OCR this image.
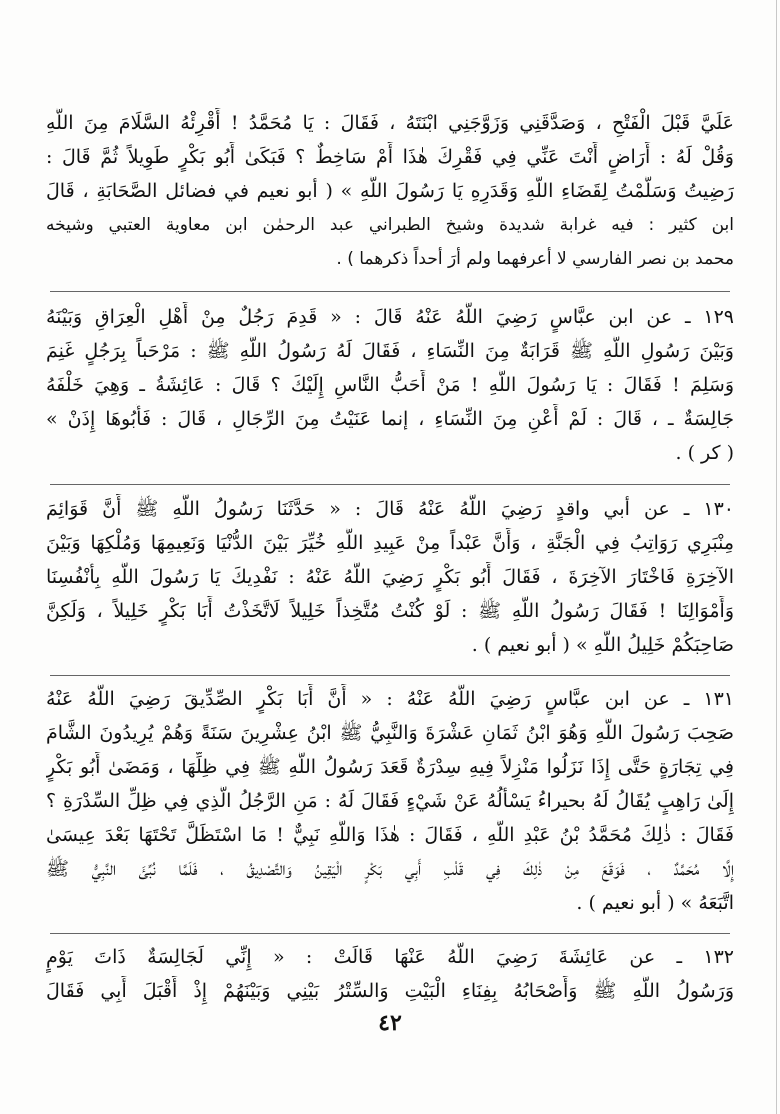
عَلَيَّ قَبْلَ الْفَتْحِ ، وَصَدَّقَنِي وَزَوَّجَنِي ابْنَتَهُ ، فَقَالَ : يَا مُحَمَّدُ ! أَقْرِئْهُ السَّلَامَ مِنَ اللَّهِ
وَقُلْ لَهُ : أَرَاضٍ أَنْتَ عَنِّي فِي فَقْرِكَ هٰذَا أَمْ سَاخِطٌ ؟ فَبَكَىٰ أَبُو بَكْرٍ طَوِيلاً ثُمَّ قَالَ :
رَضِيتُ وَسَلَّمْتُ لِقَضَاءِ اللَّهِ وَقَدَرِهِ يَا رَسُولَ اللَّهِ » ( أبو نعيم في فضائل الصَّحَابَةِ ، قَالَ
ابن كثير : فيه غرابة شديدة وشيخ الطبراني عبد الرحمٰن ابن معاوية العتبي وشيخه
محمد بن نصر الفارسي لا أعرفهما ولم أرَ أحداً ذكرهما ) .
١٢٩ ـ عن ابن عبَّاسٍ رَضِيَ اللَّهُ عَنْهُ قَالَ : « قَدِمَ رَجُلٌ مِنْ أَهْلِ الْعِرَاقِ وَبَيْنَهُ
وَبَيْنَ رَسُولِ اللَّهِ ﷺ قَرَابَةٌ مِنَ النِّسَاءِ ، فَقَالَ لَهُ رَسُولُ اللَّهِ ﷺ : مَرْحَباً بِرَجُلٍ غَنِمَ
وَسَلِمَ ! فَقَالَ : يَا رَسُولَ اللَّهِ ! مَنْ أَحَبُّ النَّاسِ إِلَيْكَ ؟ قَالَ : عَائِشَةُ ـ وَهِيَ خَلْفَهُ
جَالِسَةٌ ـ ، قَالَ : لَمْ أَعْنِ مِنَ النِّسَاءِ ، إنما عَنَيْتُ مِنَ الرِّجَالِ ، قَالَ : فَأَبُوهَا إِذَنْ »
( كر ) .
١٣٠ ـ عن أبي واقدٍ رَضِيَ اللَّهُ عَنْهُ قَالَ : « حَدَّثَنَا رَسُولُ اللَّهِ ﷺ أَنَّ قَوَائِمَ
مِنْبَرِي رَوَاتِبُ فِي الْجَنَّةِ ، وَأَنَّ عَبْداً مِنْ عَبِيدِ اللَّهِ خُيِّرَ بَيْنَ الدُّنْيَا وَنَعِيمِهَا وَمُلْكِهَا وَبَيْنَ
الآخِرَةِ فَاخْتَارَ الآخِرَةَ ، فَقَالَ أَبُو بَكْرٍ رَضِيَ اللَّهُ عَنْهُ : نَفْدِيكَ يَا رَسُولَ اللَّهِ بِأَنْفُسِنَا
وَأَمْوَالِنَا ! فَقَالَ رَسُولُ اللَّهِ ﷺ : لَوْ كُنْتُ مُتَّخِذاً خَلِيلاً لَاتَّخَذْتُ أَبَا بَكْرٍ خَلِيلاً ، وَلَكِنَّ
صَاحِبَكُمْ خَلِيلُ اللَّهِ » ( أبو نعيم ) .
١٣١ ـ عن ابن عبَّاسٍ رَضِيَ اللَّهُ عَنْهُ : « أَنَّ أَبَا بَكْرٍ الصِّدِّيقَ رَضِيَ اللَّهُ عَنْهُ
صَحِبَ رَسُولَ اللَّهِ وَهُوَ ابْنُ ثَمَانِ عَشْرَةَ وَالنَّبِيُّ ﷺ ابْنُ عِشْرِينَ سَنَةً وَهُمْ يُرِيدُونَ الشَّامَ
فِي تِجَارَةٍ حَتَّى إِذَا نَزَلُوا مَنْزِلاً فِيهِ سِدْرَةٌ قَعَدَ رَسُولُ اللَّهِ ﷺ فِي ظِلِّهَا ، وَمَضَىٰ أَبُو بَكْرٍ
إِلَىٰ رَاهِبٍ يُقَالُ لَهُ بحيراءُ يَسْأَلُهُ عَنْ شَيْءٍ فَقَالَ لَهُ : مَنِ الرَّجُلُ الَّذِي فِي ظِلِّ السِّدْرَةِ ؟
فَقَالَ : ذٰلِكَ مُحَمَّدُ بْنُ عَبْدِ اللَّهِ ، فَقَالَ : هٰذَا وَاللَّهِ نَبِيٌّ ! مَا اسْتَظَلَّ تَحْتَهَا بَعْدَ عِيسَىٰ
إِلَّا مُحَمَّدٌ ، فَوَقَعَ مِنْ ذٰلِكَ فِي قَلْبِ أَبِي بَكْرٍ الْيَقِينُ وَالتَّصْدِيقُ ، فَلَمَّا نُبِّئَ النَّبِيُّ ﷺ
اتَّبَعَهُ » ( أبو نعيم ) .
١٣٢ ـ عن عَائِشَةَ رَضِيَ اللَّهُ عَنْهَا قَالَتْ : « إِنِّي لَجَالِسَةٌ ذَاتَ يَوْمٍ
وَرَسُولُ اللَّهِ ﷺ وَأَصْحَابُهُ بِفِنَاءِ الْبَيْتِ وَالسِّتْرُ بَيْنِي وَبَيْنَهُمْ إِذْ أَقْبَلَ أَبِي فَقَالَ
٤٢
